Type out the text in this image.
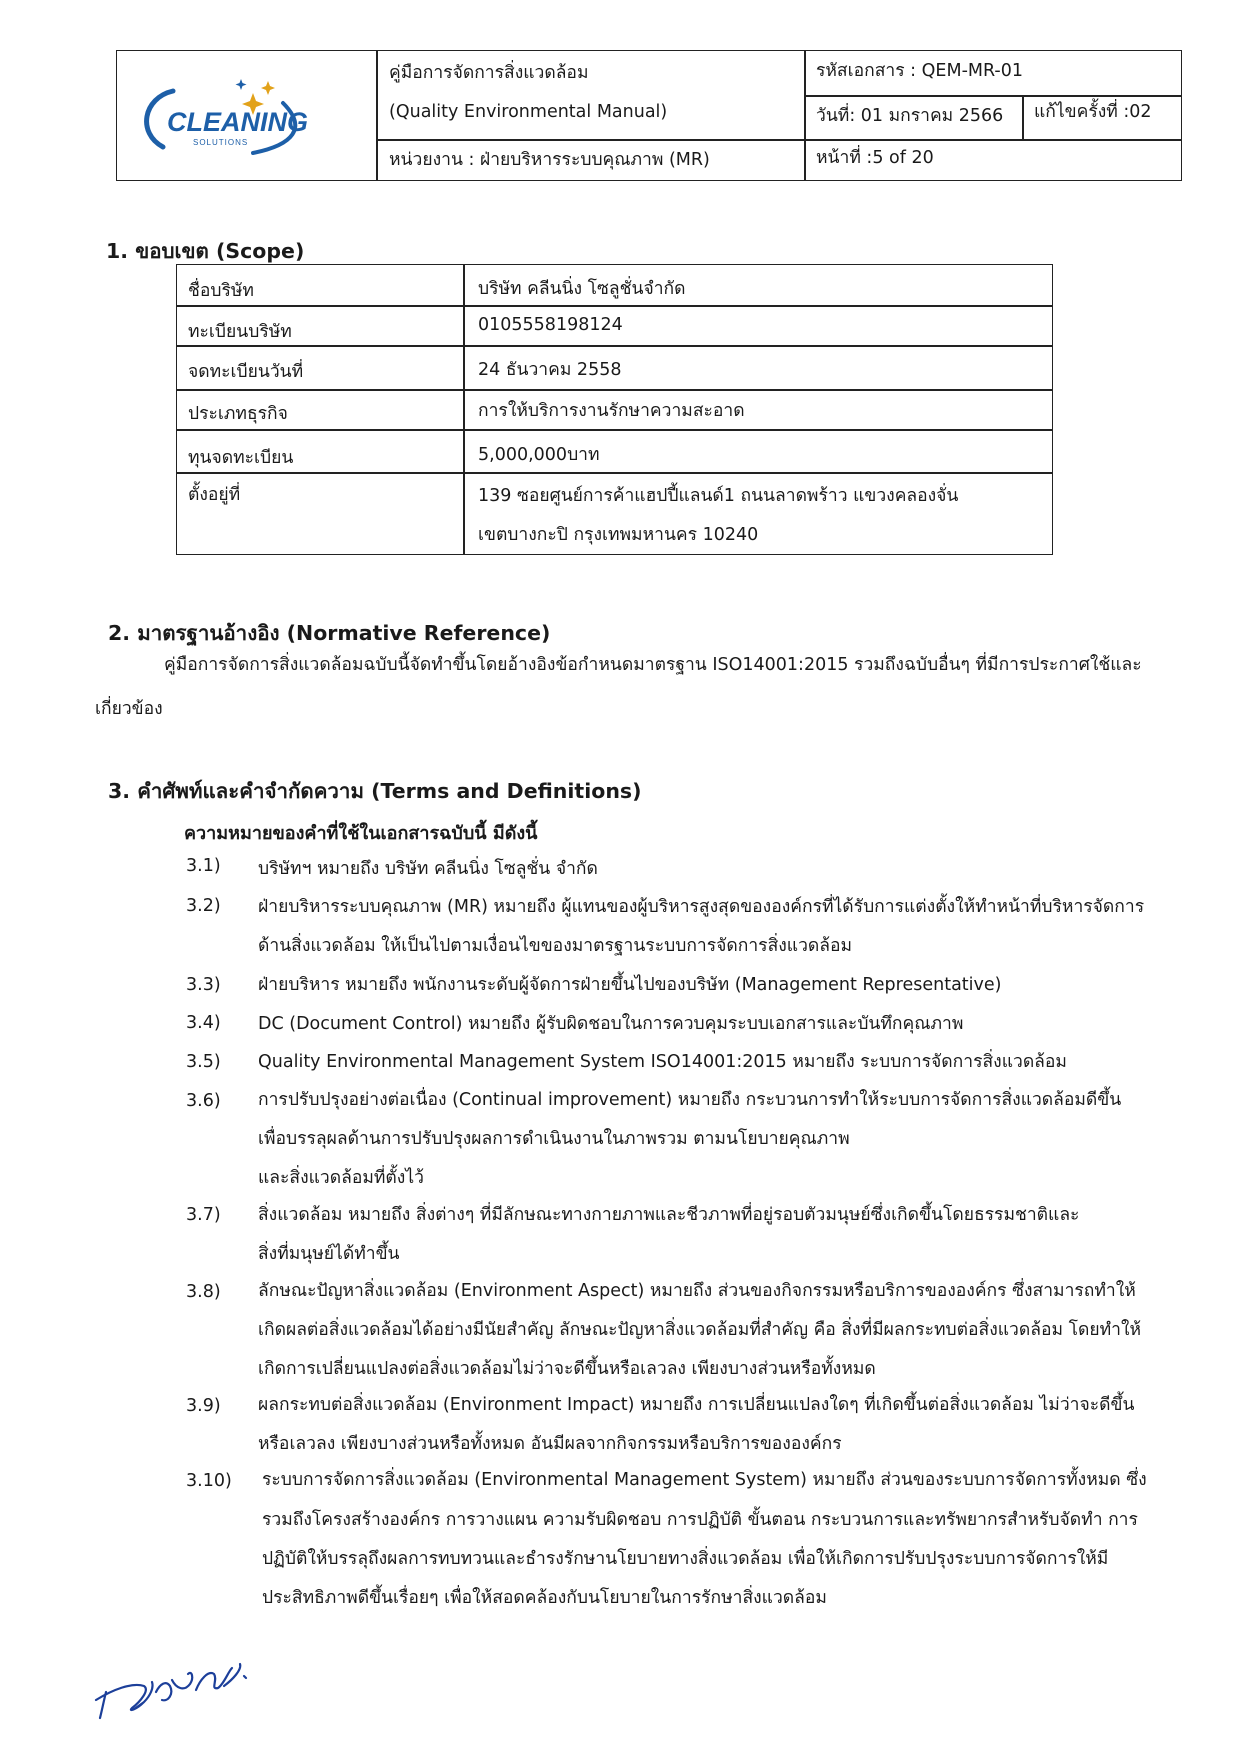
CLEANING
SOLUTIONS
คู่มือการจัดการสิ่งแวดล้อม
(Quality Environmental Manual)
หน่วยงาน : ฝ่ายบริหารระบบคุณภาพ (MR)
รหัสเอกสาร : QEM-MR-01
วันที่: 01 มกราคม 2566 แก้ไขครั้งที่ :02
หน้าที่ :5 of 20
1. ขอบเขต (Scope)
ชื่อบริษัท	บริษัท คลีนนิ่ง โซลูชั่นจำกัด
ทะเบียนบริษัท	0105558198124
จดทะเบียนวันที่	24 ธันวาคม 2558
ประเภทธุรกิจ	การให้บริการงานรักษาความสะอาด
ทุนจดทะเบียน	5,000,000บาท
ตั้งอยู่ที่	139 ซอยศูนย์การค้าแฮปปี้แลนด์1 ถนนลาดพร้าว แขวงคลองจั่น
เขตบางกะปิ กรุงเทพมหานคร 10240
2. มาตรฐานอ้างอิง (Normative Reference)
คู่มือการจัดการสิ่งแวดล้อมฉบับนี้จัดทำขึ้นโดยอ้างอิงข้อกำหนดมาตรฐาน ISO14001:2015 รวมถึงฉบับอื่นๆ ที่มีการประกาศใช้และ
เกี่ยวข้อง
3. คำศัพท์และคำจำกัดความ (Terms and Definitions)
ความหมายของคำที่ใช้ในเอกสารฉบับนี้ มีดังนี้
3.1)	บริษัทฯ หมายถึง บริษัท คลีนนิ่ง โซลูชั่น จำกัด
3.2)	ฝ่ายบริหารระบบคุณภาพ (MR) หมายถึง ผู้แทนของผู้บริหารสูงสุดขององค์กรที่ได้รับการแต่งตั้งให้ทำหน้าที่บริหารจัดการ
ด้านสิ่งแวดล้อม ให้เป็นไปตามเงื่อนไขของมาตรฐานระบบการจัดการสิ่งแวดล้อม
3.3)	ฝ่ายบริหาร หมายถึง พนักงานระดับผู้จัดการฝ่ายขึ้นไปของบริษัท (Management Representative)
3.4)	DC (Document Control) หมายถึง ผู้รับผิดชอบในการควบคุมระบบเอกสารและบันทึกคุณภาพ
3.5)	Quality Environmental Management System ISO14001:2015 หมายถึง ระบบการจัดการสิ่งแวดล้อม
3.6)	การปรับปรุงอย่างต่อเนื่อง (Continual improvement) หมายถึง กระบวนการทำให้ระบบการจัดการสิ่งแวดล้อมดีขึ้น
เพื่อบรรลุผลด้านการปรับปรุงผลการดำเนินงานในภาพรวม ตามนโยบายคุณภาพ
และสิ่งแวดล้อมที่ตั้งไว้
3.7)	สิ่งแวดล้อม หมายถึง สิ่งต่างๆ ที่มีลักษณะทางกายภาพและชีวภาพที่อยู่รอบตัวมนุษย์ซึ่งเกิดขึ้นโดยธรรมชาติและ
สิ่งที่มนุษย์ได้ทำขึ้น
3.8)	ลักษณะปัญหาสิ่งแวดล้อม (Environment Aspect) หมายถึง ส่วนของกิจกรรมหรือบริการขององค์กร ซึ่งสามารถทำให้
เกิดผลต่อสิ่งแวดล้อมได้อย่างมีนัยสำคัญ ลักษณะปัญหาสิ่งแวดล้อมที่สำคัญ คือ สิ่งที่มีผลกระทบต่อสิ่งแวดล้อม โดยทำให้
เกิดการเปลี่ยนแปลงต่อสิ่งแวดล้อมไม่ว่าจะดีขึ้นหรือเลวลง เพียงบางส่วนหรือทั้งหมด
3.9)	ผลกระทบต่อสิ่งแวดล้อม (Environment Impact) หมายถึง การเปลี่ยนแปลงใดๆ ที่เกิดขึ้นต่อสิ่งแวดล้อม ไม่ว่าจะดีขึ้น
หรือเลวลง เพียงบางส่วนหรือทั้งหมด อันมีผลจากกิจกรรมหรือบริการขององค์กร
3.10)	ระบบการจัดการสิ่งแวดล้อม (Environmental Management System) หมายถึง ส่วนของระบบการจัดการทั้งหมด ซึ่ง
รวมถึงโครงสร้างองค์กร การวางแผน ความรับผิดชอบ การปฏิบัติ ขั้นตอน กระบวนการและทรัพยากรสำหรับจัดทำ การ
ปฏิบัติให้บรรลุถึงผลการทบทวนและธำรงรักษานโยบายทางสิ่งแวดล้อม เพื่อให้เกิดการปรับปรุงระบบการจัดการให้มี
ประสิทธิภาพดีขึ้นเรื่อยๆ เพื่อให้สอดคล้องกับนโยบายในการรักษาสิ่งแวดล้อม
